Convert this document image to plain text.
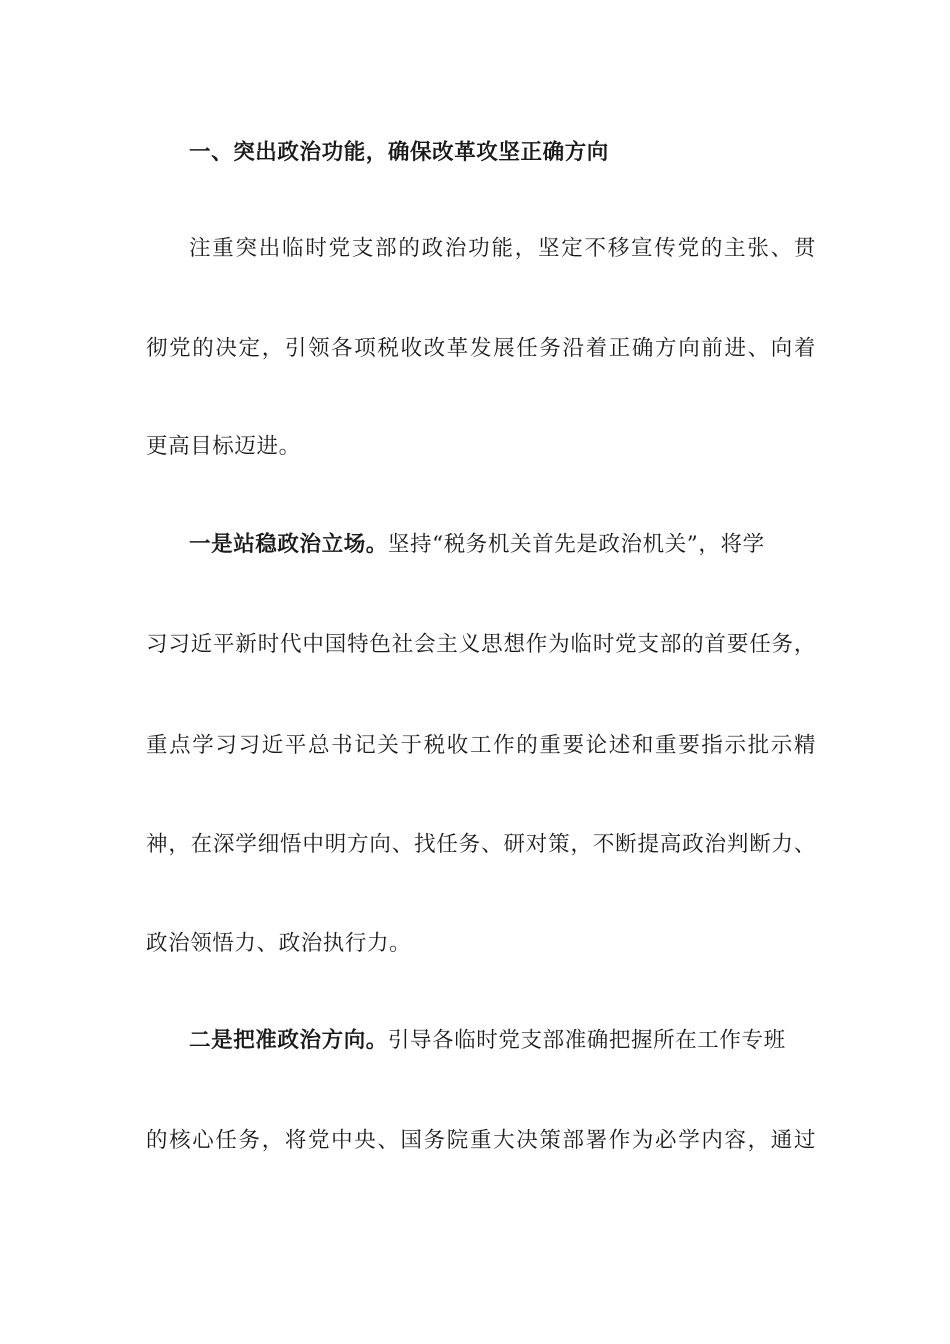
一、突出政治功能，确保改革攻坚正确方向
注重突出临时党支部的政治功能，坚定不移宣传党的主张、贯
彻党的决定，引领各项税收改革发展任务沿着正确方向前进、向着
更高目标迈进。
一是站稳政治立场。坚持“税务机关首先是政治机关”，将学
习习近平新时代中国特色社会主义思想作为临时党支部的首要任务，
重点学习习近平总书记关于税收工作的重要论述和重要指示批示精
神，在深学细悟中明方向、找任务、研对策，不断提高政治判断力、
政治领悟力、政治执行力。
二是把准政治方向。引导各临时党支部准确把握所在工作专班
的核心任务，将党中央、国务院重大决策部署作为必学内容，通过
